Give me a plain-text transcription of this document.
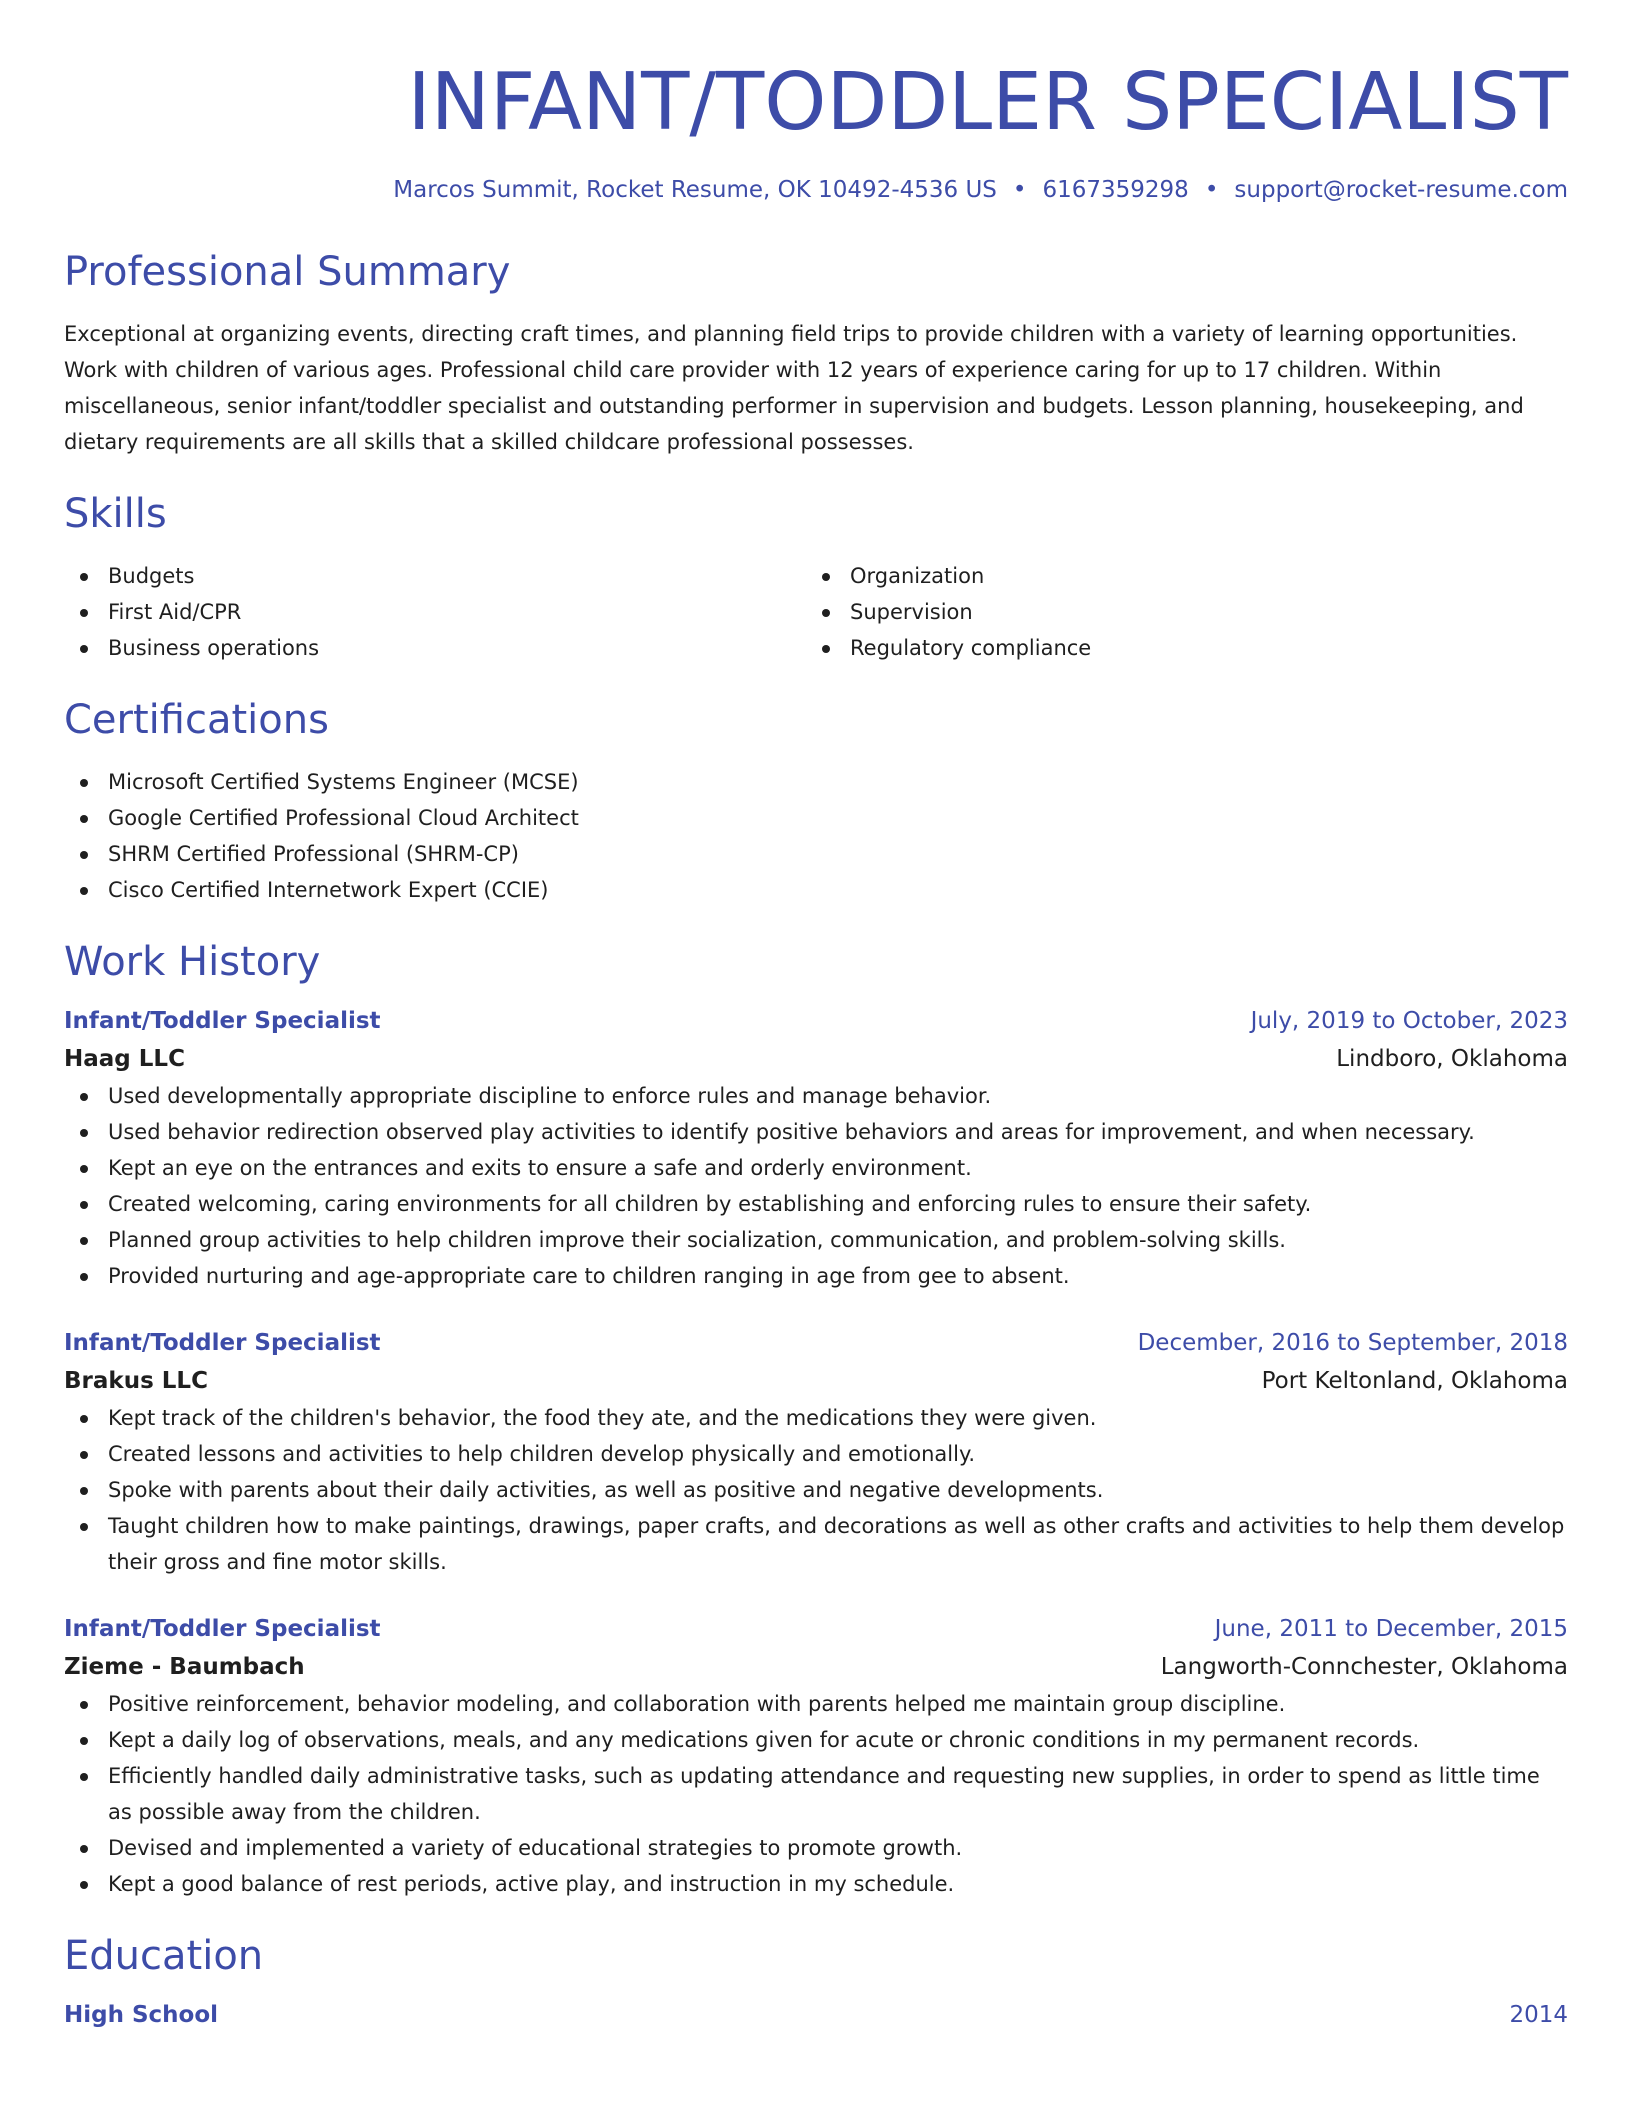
INFANT/TODDLER SPECIALIST
Marcos Summit, Rocket Resume, OK 10492-4536 US • 6167359298 • support@rocket-resume.com
Professional Summary

Exceptional at organizing events, directing craft times, and planning field trips to provide children with a variety of learning opportunities. Work with children of various ages. Professional child care provider with 12 years of experience caring for up to 17 children. Within miscellaneous, senior infant/toddler specialist and outstanding performer in supervision and budgets. Lesson planning, housekeeping, and dietary requirements are all skills that a skilled childcare professional possesses.

Skills
Budgets
First Aid/CPR
Business operations
Organization
Supervision
Regulatory compliance
Certifications
Microsoft Certified Systems Engineer (MCSE)
Google Certified Professional Cloud Architect
SHRM Certified Professional (SHRM-CP)
Cisco Certified Internetwork Expert (CCIE)
Work History
Infant/Toddler Specialist	July, 2019 to October, 2023
Haag LLC	Lindboro, Oklahoma
Used developmentally appropriate discipline to enforce rules and manage behavior.
Used behavior redirection observed play activities to identify positive behaviors and areas for improvement, and when necessary.
Kept an eye on the entrances and exits to ensure a safe and orderly environment.
Created welcoming, caring environments for all children by establishing and enforcing rules to ensure their safety.
Planned group activities to help children improve their socialization, communication, and problem-solving skills.
Provided nurturing and age-appropriate care to children ranging in age from gee to absent.
Infant/Toddler Specialist	December, 2016 to September, 2018
Brakus LLC	Port Keltonland, Oklahoma
Kept track of the children's behavior, the food they ate, and the medications they were given.
Created lessons and activities to help children develop physically and emotionally.
Spoke with parents about their daily activities, as well as positive and negative developments.
Taught children how to make paintings, drawings, paper crafts, and decorations as well as other crafts and activities to help them develop their gross and fine motor skills.
Infant/Toddler Specialist	June, 2011 to December, 2015
Zieme - Baumbach	Langworth-Connchester, Oklahoma
Positive reinforcement, behavior modeling, and collaboration with parents helped me maintain group discipline.
Kept a daily log of observations, meals, and any medications given for acute or chronic conditions in my permanent records.
Efficiently handled daily administrative tasks, such as updating attendance and requesting new supplies, in order to spend as little time as possible away from the children.
Devised and implemented a variety of educational strategies to promote growth.
Kept a good balance of rest periods, active play, and instruction in my schedule.
Education
High School	2014
